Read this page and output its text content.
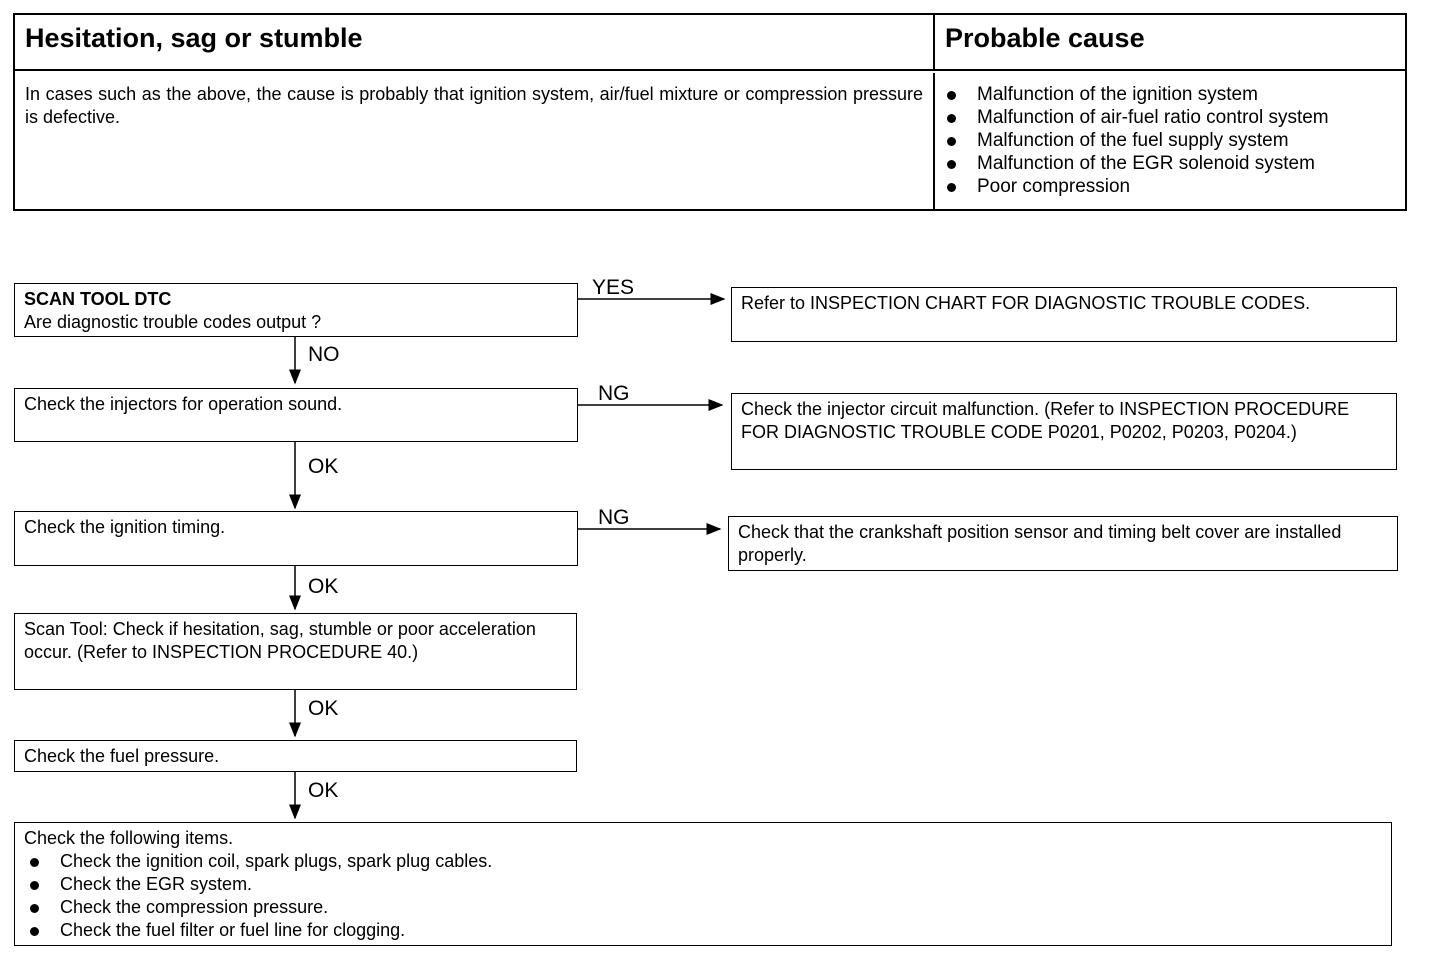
Hesitation, sag or stumble	Probable cause
In cases such as the above, the cause is probably that ignition system, air/fuel mixture or compression pressure is defective.
Malfunction of the ignition system
Malfunction of air-fuel ratio control system
Malfunction of the fuel supply system
Malfunction of the EGR solenoid system
Poor compression
SCAN TOOL DTC
Are diagnostic trouble codes output ?
YES
Refer to INSPECTION CHART FOR DIAGNOSTIC TROUBLE CODES.
NO
Check the injectors for operation sound.	NG
Check the injector circuit malfunction. (Refer to INSPECTION PROCEDURE FOR DIAGNOSTIC TROUBLE CODE P0201, P0202, P0203, P0204.)
OK
Check the ignition timing.	NG
Check that the crankshaft position sensor and timing belt cover are installed properly.
OK
Scan Tool: Check if hesitation, sag, stumble or poor acceleration occur. (Refer to INSPECTION PROCEDURE 40.)
OK
Check the fuel pressure.
OK
Check the following items.
Check the ignition coil, spark plugs, spark plug cables.
Check the EGR system.
Check the compression pressure.
Check the fuel filter or fuel line for clogging.
